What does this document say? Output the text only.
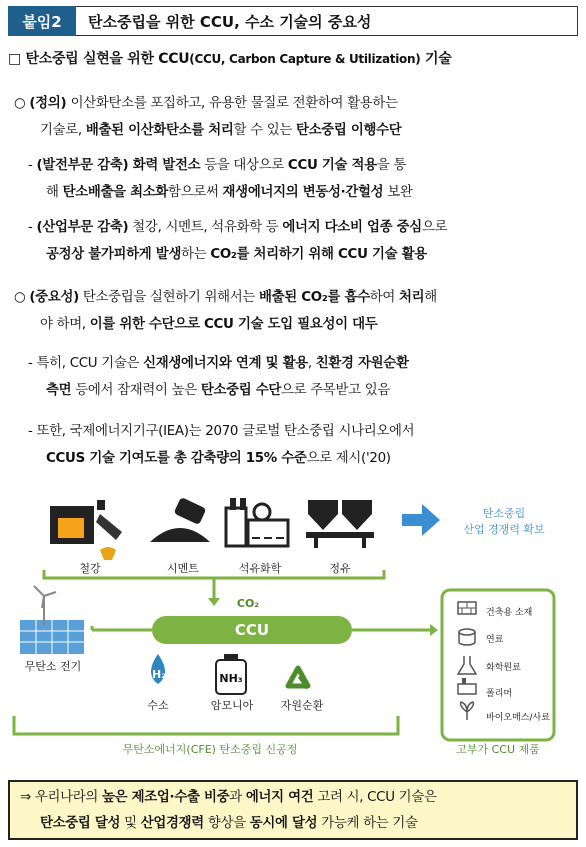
붙임2	탄소중립을 위한 CCU, 수소 기술의 중요성
□ 탄소중립 실현을 위한 CCU(CCU, Carbon Capture & Utilization) 기술
○ (정의) 이산화탄소를 포집하고, 유용한 물질로 전환하여 활용하는
기술로, 배출된 이산화탄소를 처리할 수 있는 탄소중립 이행수단
- (발전부문 감축) 화력 발전소 등을 대상으로 CCU 기술 적용을 통
해 탄소배출을 최소화함으로써 재생에너지의 변동성·간헐성 보완
- (산업부문 감축) 철강, 시멘트, 석유화학 등 에너지 다소비 업종 중심으로
공정상 불가피하게 발생하는 CO₂를 처리하기 위해 CCU 기술 활용
○ (중요성) 탄소중립을 실현하기 위해서는 배출된 CO₂를 흡수하여 처리해
야 하며, 이를 위한 수단으로 CCU 기술 도입 필요성이 대두
- 특히, CCU 기술은 신재생에너지와 연계 및 활용, 친환경 자원순환
측면 등에서 잠재력이 높은 탄소중립 수단으로 주목받고 있음
- 또한, 국제에너지기구(IEA)는 2070 글로벌 탄소중립 시나리오에서
CCUS 기술 기여도를 총 감축량의 15% 수준으로 제시('20)
철강	시멘트	석유화학	정유
탄소중립
산업 경쟁력 확보
CO₂
CCU
무탄소 전기
H₂	NH₃
수소	암모니아	자원순환
건축용 소재
연료
화학원료
폴리머
바이오매스/사료
무탄소에너지(CFE) 탄소중립 신공정	고부가 CCU 제품
⇒ 우리나라의 높은 제조업·수출 비중과 에너지 여건 고려 시, CCU 기술은
탄소중립 달성 및 산업경쟁력 향상을 동시에 달성 가능케 하는 기술
